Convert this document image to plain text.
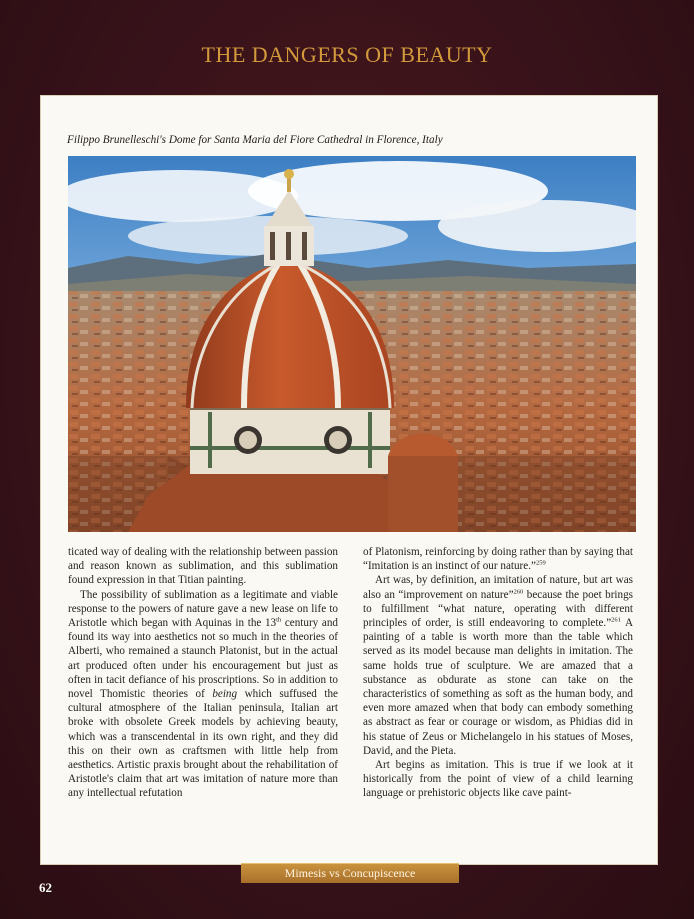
THE DANGERS OF BEAUTY
Filippo Brunelleschi's Dome for Santa Maria del Fiore Cathedral in Florence, Italy

ticated way of dealing with the relationship between passion and reason known as sublimation, and this sublimation found expression in that Titian painting.

The possibility of sublimation as a legitimate and viable response to the powers of nature gave a new lease on life to Aristotle which began with Aquinas in the 13th century and found its way into aesthetics not so much in the theories of Alberti, who remained a staunch Platonist, but in the actual art produced often under his encouragement but just as often in tacit defiance of his proscriptions. So in addition to novel Thomistic theories of being which suffused the cultural atmosphere of the Italian peninsula, Italian art broke with obsolete Greek models by achieving beauty, which was a transcendental in its own right, and they did this on their own as craftsmen with little help from aesthetics. Artistic praxis brought about the rehabilitation of Aristotle's claim that art was imitation of nature more than any intellectual refutation

of Platonism, reinforcing by doing rather than by saying that “Imitation is an instinct of our nature.”$^{259}$

Art was, by definition, an imitation of nature, but art was also an “improvement on nature”$^{260}$ because the poet brings to fulfillment “what nature, operating with different principles of order, is still endeavoring to complete.”$^{261}$ A painting of a table is worth more than the table which served as its model because man delights in imitation. The same holds true of sculpture. We are amazed that a substance as obdurate as stone can take on the characteristics of something as soft as the human body, and even more amazed when that body can embody something as abstract as fear or courage or wisdom, as Phidias did in his statue of Zeus or Michelangelo in his statues of Moses, David, and the Pieta.

Art begins as imitation. This is true if we look at it historically from the point of view of a child learning language or prehistoric objects like cave paint-

Mimesis vs Concupiscence
62
